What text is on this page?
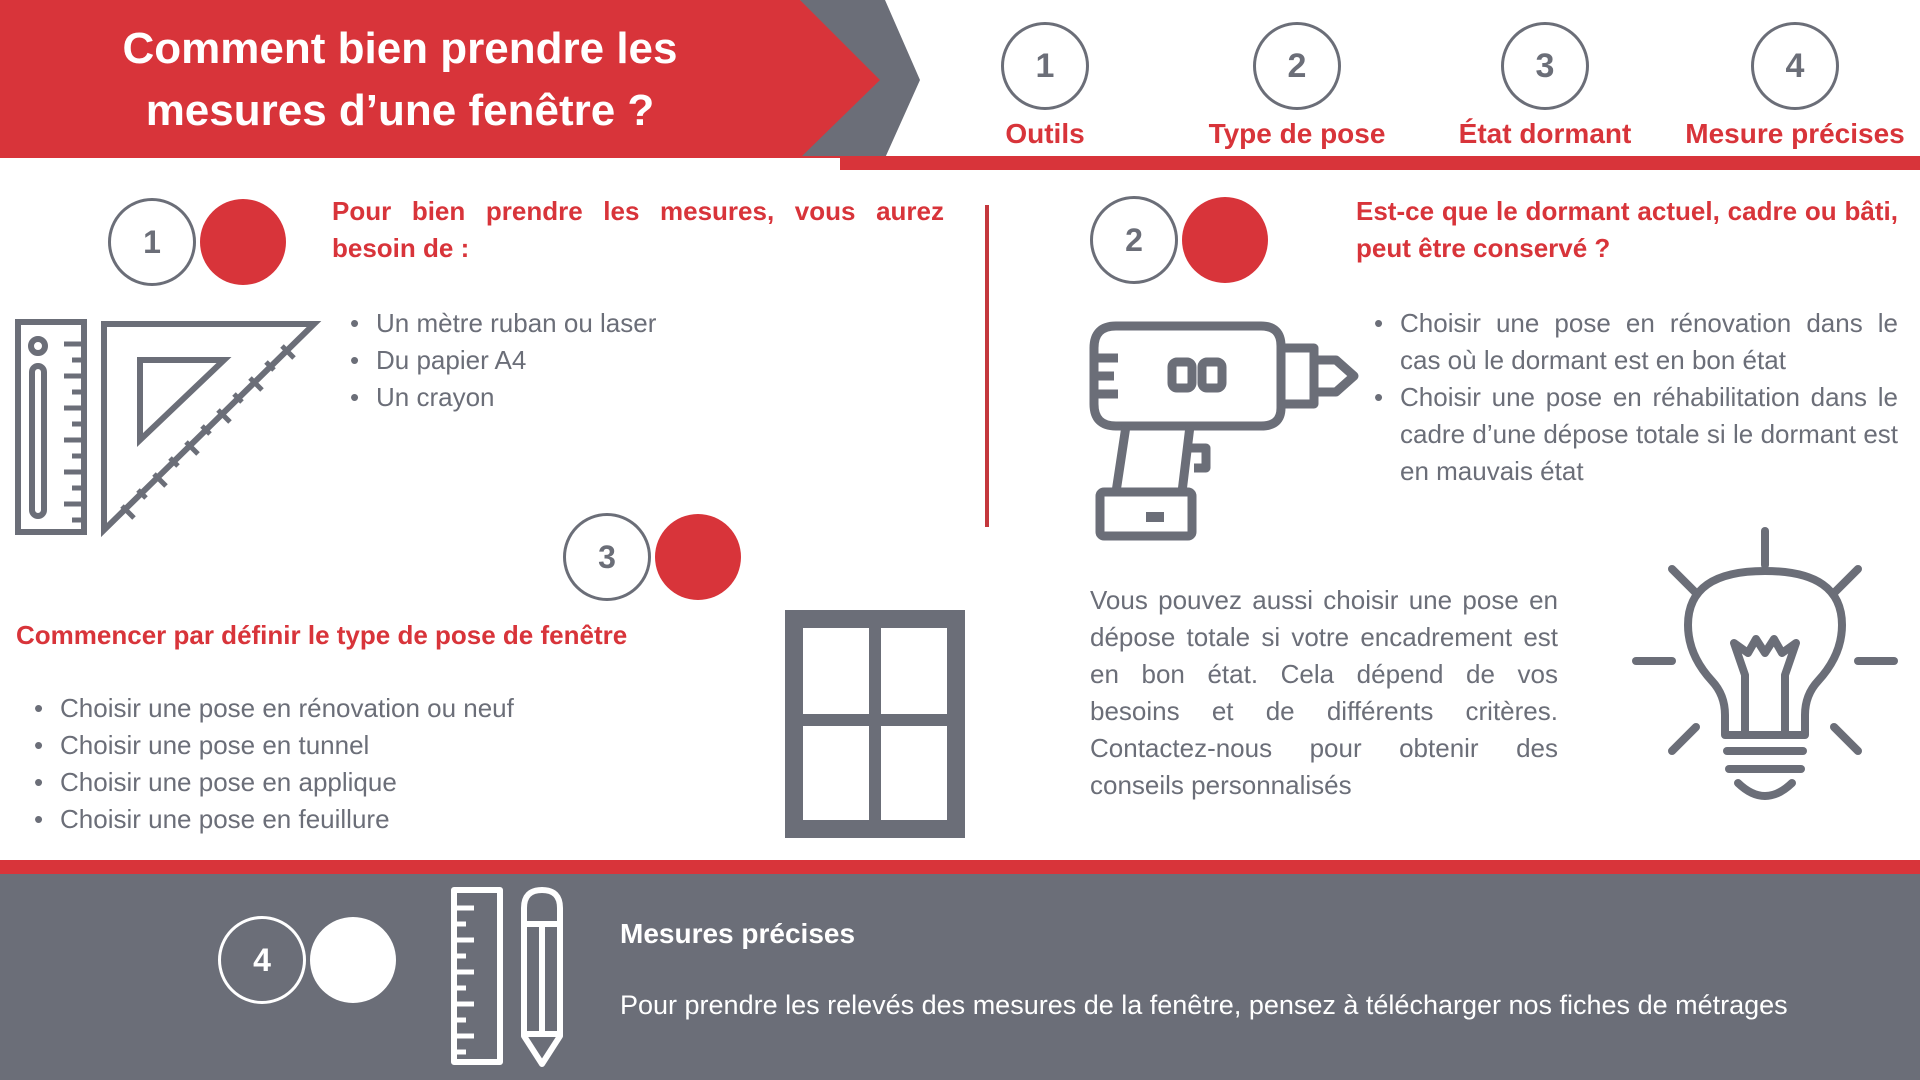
Comment bien prendre les
mesures d’une fenêtre ?
1
Outils
2
Type de pose
3
État dormant
4
Mesure précises
1
Pour bien prendre les mesures, vous aurez besoin de :
• Un mètre ruban ou laser
• Du papier A4
• Un crayon
2
Est-ce que le dormant actuel, cadre ou bâti, peut être conservé ?
• Choisir une pose en rénovation dans le cas où le dormant est en bon état
• Choisir une pose en réhabilitation dans le cadre d’une dépose totale si le dormant est en mauvais état
3
Commencer par définir le type de pose de fenêtre
• Choisir une pose en rénovation ou neuf
• Choisir une pose en tunnel
• Choisir une pose en applique
• Choisir une pose en feuillure
Vous pouvez aussi choisir une pose en dépose totale si votre encadrement est en bon état. Cela dépend de vos besoins et de différents critères. Contactez-nous pour obtenir des conseils personnalisés
4
Mesures précises
Pour prendre les relevés des mesures de la fenêtre, pensez à télécharger nos fiches de métrages
